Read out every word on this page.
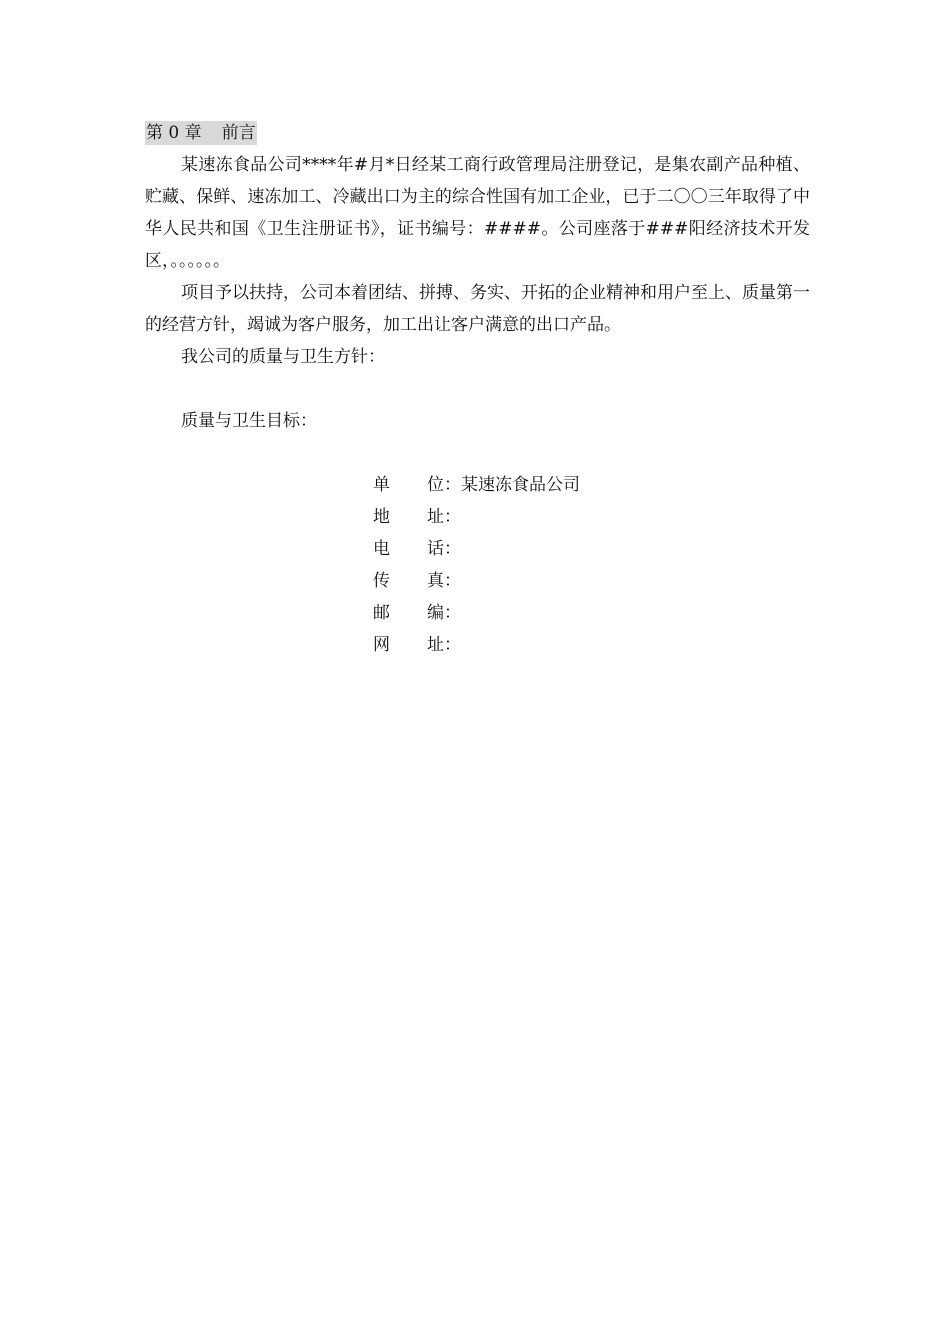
第 0 章 前言

某速冻食品公司****年#月*日经某工商行政管理局注册登记，是集农副产品种植、贮藏、保鲜、速冻加工、冷藏出口为主的综合性国有加工企业，已于二〇〇三年取得了中华人民共和国《卫生注册证书》，证书编号：####。公司座落于###阳经济技术开发区，。。。。。。

项目予以扶持，公司本着团结、拼搏、务实、开拓的企业精神和用户至上、质量第一的经营方针，竭诚为客户服务，加工出让客户满意的出口产品。

我公司的质量与卫生方针：

质量与卫生目标：

单 位： 某速冻食品公司
地 址：
电 话：
传 真：
邮 编：
网 址：
